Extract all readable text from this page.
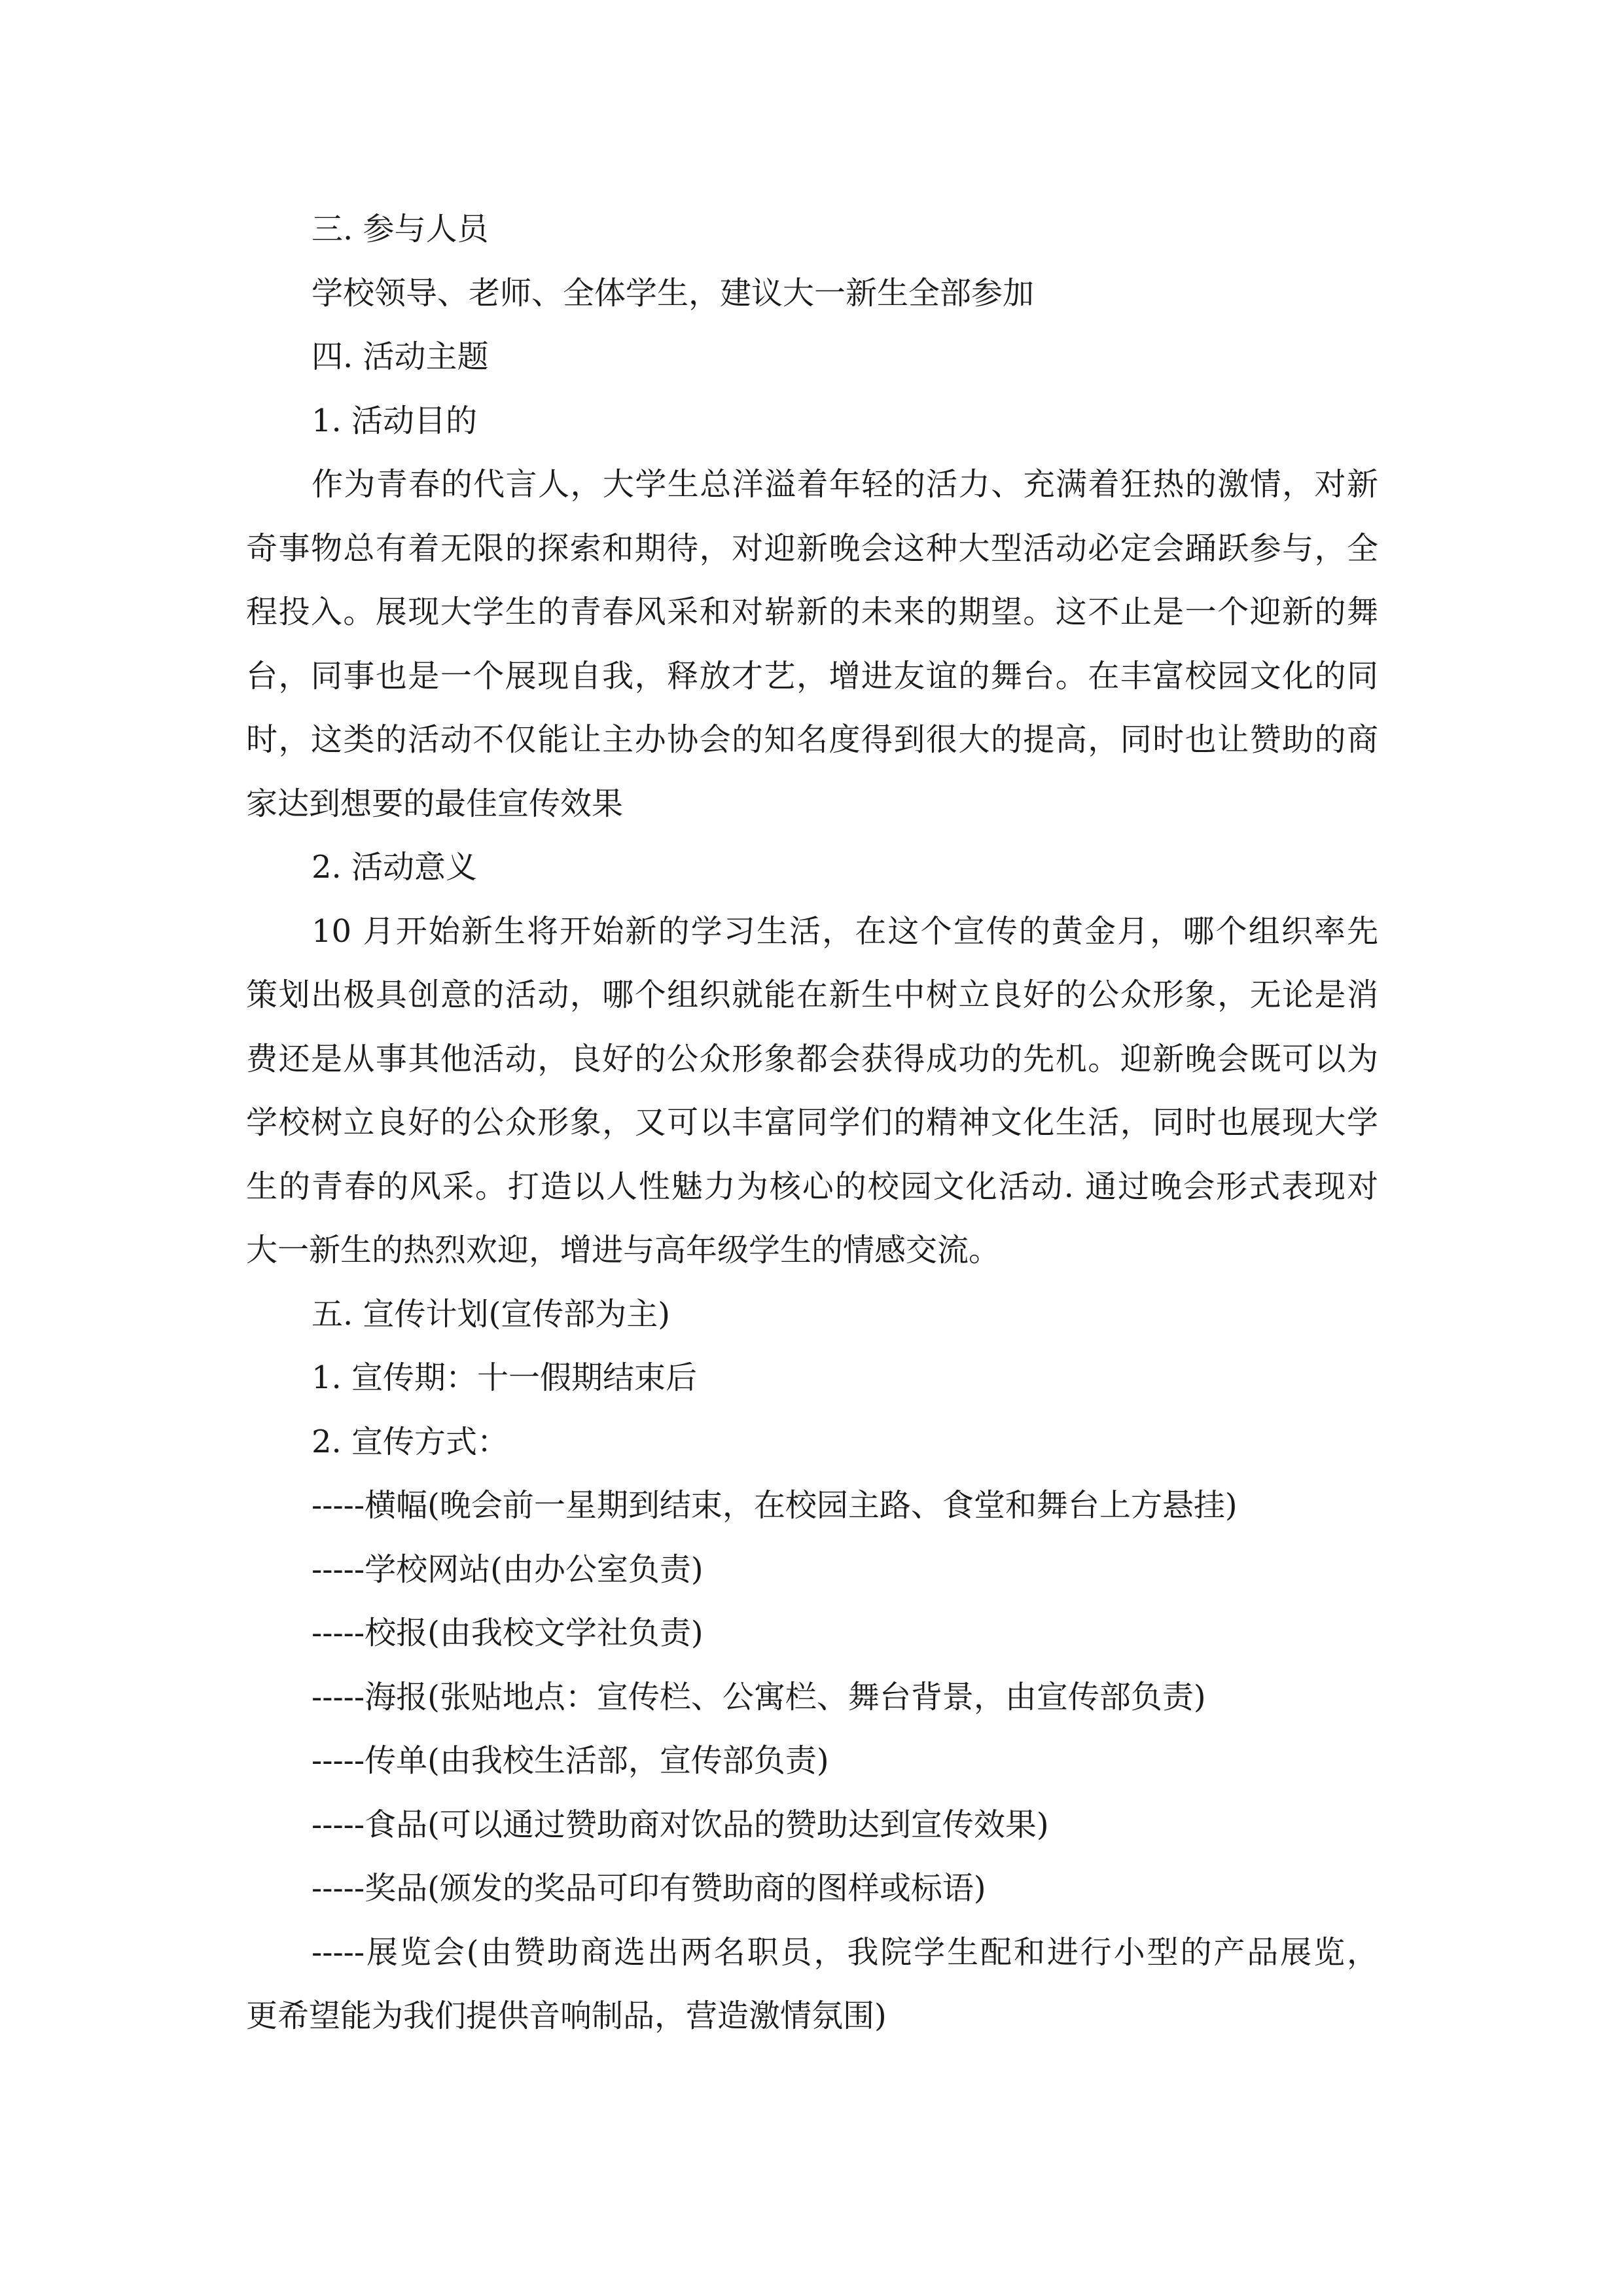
三. 参与人员
学校领导、老师、全体学生，建议大一新生全部参加
四. 活动主题
1. 活动目的
作为青春的代言人，大学生总洋溢着年轻的活力、充满着狂热的激情，对新
奇事物总有着无限的探索和期待，对迎新晚会这种大型活动必定会踊跃参与，全
程投入。展现大学生的青春风采和对崭新的未来的期望。这不止是一个迎新的舞
台，同事也是一个展现自我，释放才艺，增进友谊的舞台。在丰富校园文化的同
时，这类的活动不仅能让主办协会的知名度得到很大的提高，同时也让赞助的商
家达到想要的最佳宣传效果
2. 活动意义
10 月开始新生将开始新的学习生活，在这个宣传的黄金月，哪个组织率先
策划出极具创意的活动，哪个组织就能在新生中树立良好的公众形象，无论是消
费还是从事其他活动，良好的公众形象都会获得成功的先机。迎新晚会既可以为
学校树立良好的公众形象，又可以丰富同学们的精神文化生活，同时也展现大学
生的青春的风采。打造以人性魅力为核心的校园文化活动. 通过晚会形式表现对
大一新生的热烈欢迎，增进与高年级学生的情感交流。
五. 宣传计划(宣传部为主)
1. 宣传期：十一假期结束后
2. 宣传方式：
-----横幅(晚会前一星期到结束，在校园主路、食堂和舞台上方悬挂)
-----学校网站(由办公室负责)
-----校报(由我校文学社负责)
-----海报(张贴地点：宣传栏、公寓栏、舞台背景，由宣传部负责)
-----传单(由我校生活部，宣传部负责)
-----食品(可以通过赞助商对饮品的赞助达到宣传效果)
-----奖品(颁发的奖品可印有赞助商的图样或标语)
-----展览会(由赞助商选出两名职员，我院学生配和进行小型的产品展览，
更希望能为我们提供音响制品，营造激情氛围)
